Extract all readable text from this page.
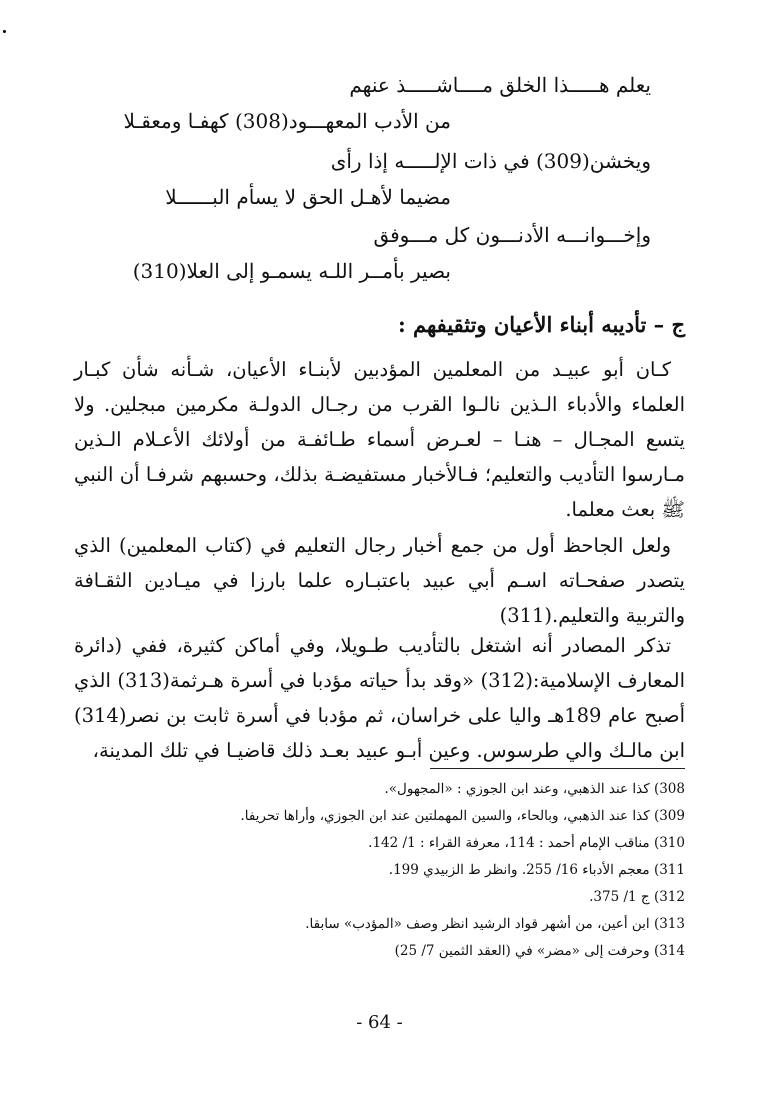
يعلم هـــــذا الخلق مــــاشـــــذ عنهم
من الأدب المعهـــود(308) كهفـا ومعقـلا
ويخشن(309) في ذات الإلـــــه إذا رأى
مضيما لأهـل الحق لا يسأم البــــــلا
وإخـــوانـــه الأدنـــون كل مـــوفق
بصير بأمــر اللـه يسمـو إلى العلا(310)
ج – تأديبه أبناء الأعيان وتثقيفهم :

كـان أبو عبيـد من المعلمين المؤدبين لأبنـاء الأعيان، شـأنه شأن كبـار العلماء والأدباء الـذين نالـوا القرب من رجـال الدولـة مكرمين مبجلين. ولا يتسع المجـال – هنـا – لعـرض أسماء طـائفـة من أولائك الأعـلام الـذين مـارسوا التأديب والتعليم؛ فـالأخبار مستفيضـة بذلك، وحسبهم شرفـا أن النبي ﷺ بعث معلما.

ولعل الجاحظ أول من جمع أخبار رجال التعليم في (كتاب المعلمين) الذي يتصدر صفحـاته اسـم أبي عبيد باعتبـاره علما بارزا في ميـادين الثقـافة والتربية والتعليم.(311)

تذكر المصادر أنه اشتغل بالتأديب طـويلا، وفي أماكن كثيرة، ففي (دائرة المعارف الإسلامية:(312) «وقد بدأ حياته مؤدبا في أسرة هـرثمة(313) الذي أصبح عام 189هـ واليا على خراسان، ثم مؤدبا في أسرة ثابت بن نصر(314) ابن مالـك والي طرسوس. وعين أبـو عبيد بعـد ذلك قاضيـا في تلك المدينة،

308) كذا عند الذهبي، وعند ابن الجوزي : «المجهول».
309) كذا عند الذهبي، وبالحاء، والسين المهملتين عند ابن الجوزي، وأراها تحريفا.
310) مناقب الإمام أحمد : 114، معرفة القراء : 1/ 142.
311) معجم الأدباء 16/ 255. وانظر ط الزبيدي 199.
312) ج 1/ 375.
313) ابن أعين، من أشهر قواد الرشيد انظر وصف «المؤدب» سابقا.
314) وحرفت إلى «مضر» في (العقد الثمين 7/ 25)
- 64 -
